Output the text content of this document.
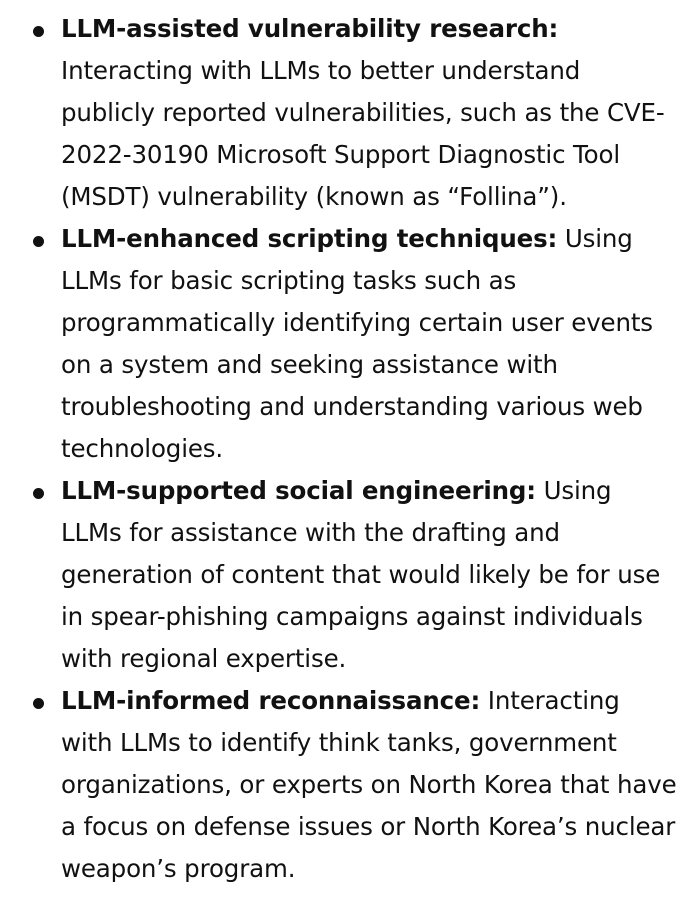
LLM-assisted vulnerability research: Interacting with LLMs to better understand publicly reported vulnerabilities, such as the CVE-2022-30190 Microsoft Support Diagnostic Tool (MSDT) vulnerability (known as “Follina”).
LLM-enhanced scripting techniques: Using LLMs for basic scripting tasks such as programmatically identifying certain user events on a system and seeking assistance with troubleshooting and understanding various web technologies.
LLM-supported social engineering: Using LLMs for assistance with the drafting and generation of content that would likely be for use in spear-phishing campaigns against individuals with regional expertise.
LLM-informed reconnaissance: Interacting with LLMs to identify think tanks, government organizations, or experts on North Korea that have a focus on defense issues or North Korea’s nuclear weapon’s program.
